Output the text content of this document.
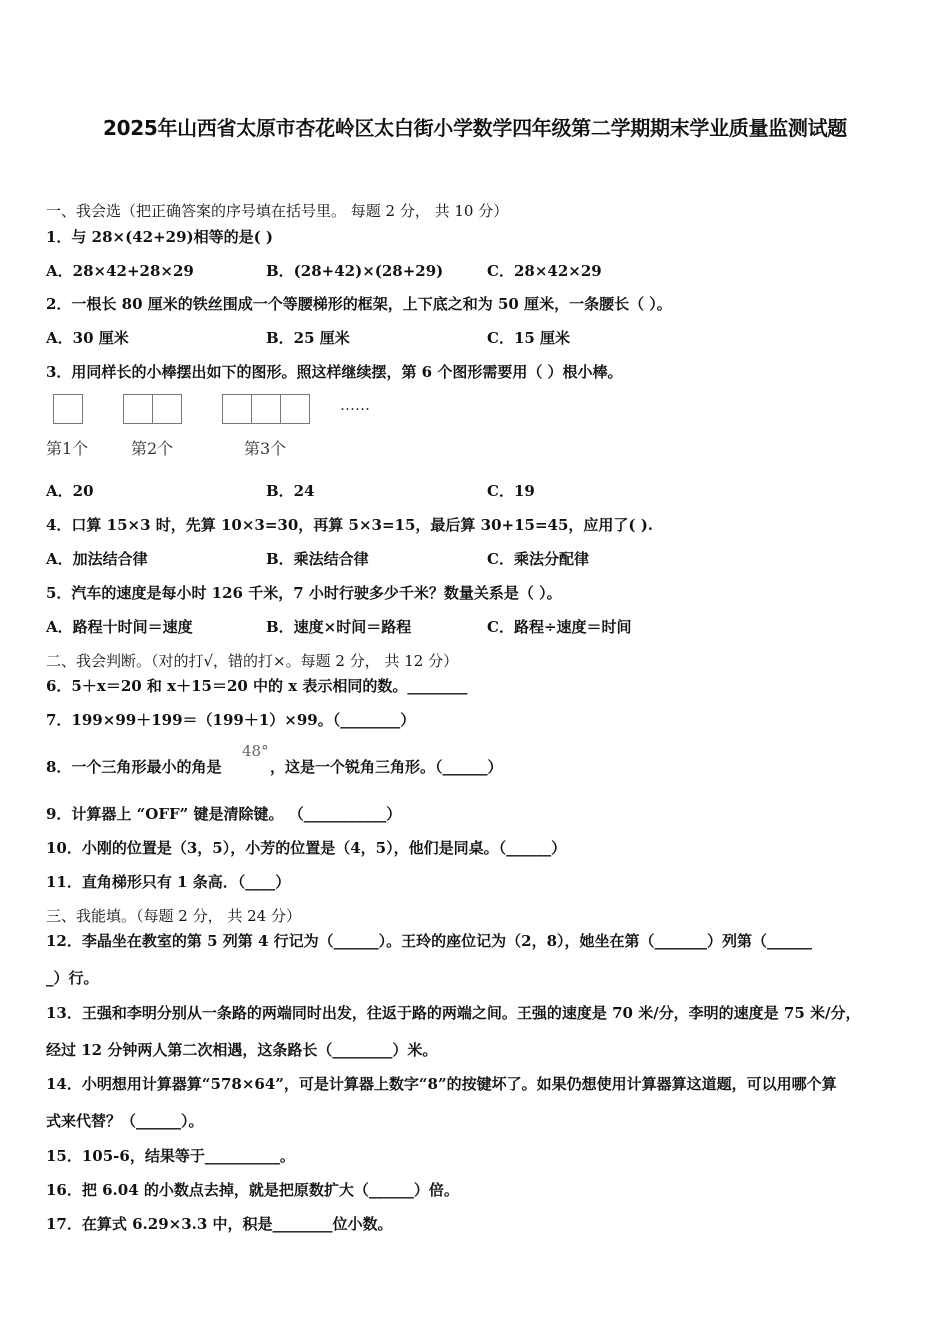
2025年山西省太原市杏花岭区太白街小学数学四年级第二学期期末学业质量监测试题
一、我会选（把正确答案的序号填在括号里。 每题 2 分， 共 10 分）
1．与 28×(42+29)相等的是( )
A．28×42+28×29	B．(28+42)×(28+29)	C．28×42×29
2．一根长 80 厘米的铁丝围成一个等腰梯形的框架，上下底之和为 50 厘米，一条腰长（ ）。
A．30 厘米	B．25 厘米	C．15 厘米
3．用同样长的小棒摆出如下的图形。照这样继续摆，第 6 个图形需要用（ ）根小棒。
……
第1个	第2个	第3个
A．20	B．24	C．19
4．口算 15×3 时，先算 10×3=30，再算 5×3=15，最后算 30+15=45，应用了( ).
A．加法结合律	B．乘法结合律	C．乘法分配律
5．汽车的速度是每小时 126 千米，7 小时行驶多少千米？数量关系是（ ）。
A．路程十时间＝速度	B．速度×时间＝路程	C．路程÷速度＝时间
二、我会判断。（对的打√，错的打×。每题 2 分， 共 12 分）
6．5＋x＝20 和 x＋15＝20 中的 x 表示相同的数。________
7．199×99＋199＝（199＋1）×99。（________）
8．一个三角形最小的角是
48°
，这是一个锐角三角形。（______）
9．计算器上 “OFF” 键是清除键。 （___________）
10．小刚的位置是（3，5），小芳的位置是（4，5），他们是同桌。（______）
11．直角梯形只有 1 条高．（____）
三、我能填。（每题 2 分， 共 24 分）
12．李晶坐在教室的第 5 列第 4 行记为（______）。王玲的座位记为（2，8），她坐在第（_______）列第（______
_）行。
13．王强和李明分别从一条路的两端同时出发，往返于路的两端之间。王强的速度是 70 米/分，李明的速度是 75 米/分，
经过 12 分钟两人第二次相遇，这条路长（________）米。
14．小明想用计算器算“578×64”，可是计算器上数字“8”的按键坏了。如果仍想使用计算器算这道题，可以用哪个算
式来代替？（______）。
15．105-6，结果等于__________。
16．把 6.04 的小数点去掉，就是把原数扩大（______）倍。
17．在算式 6.29×3.3 中，积是________位小数。
